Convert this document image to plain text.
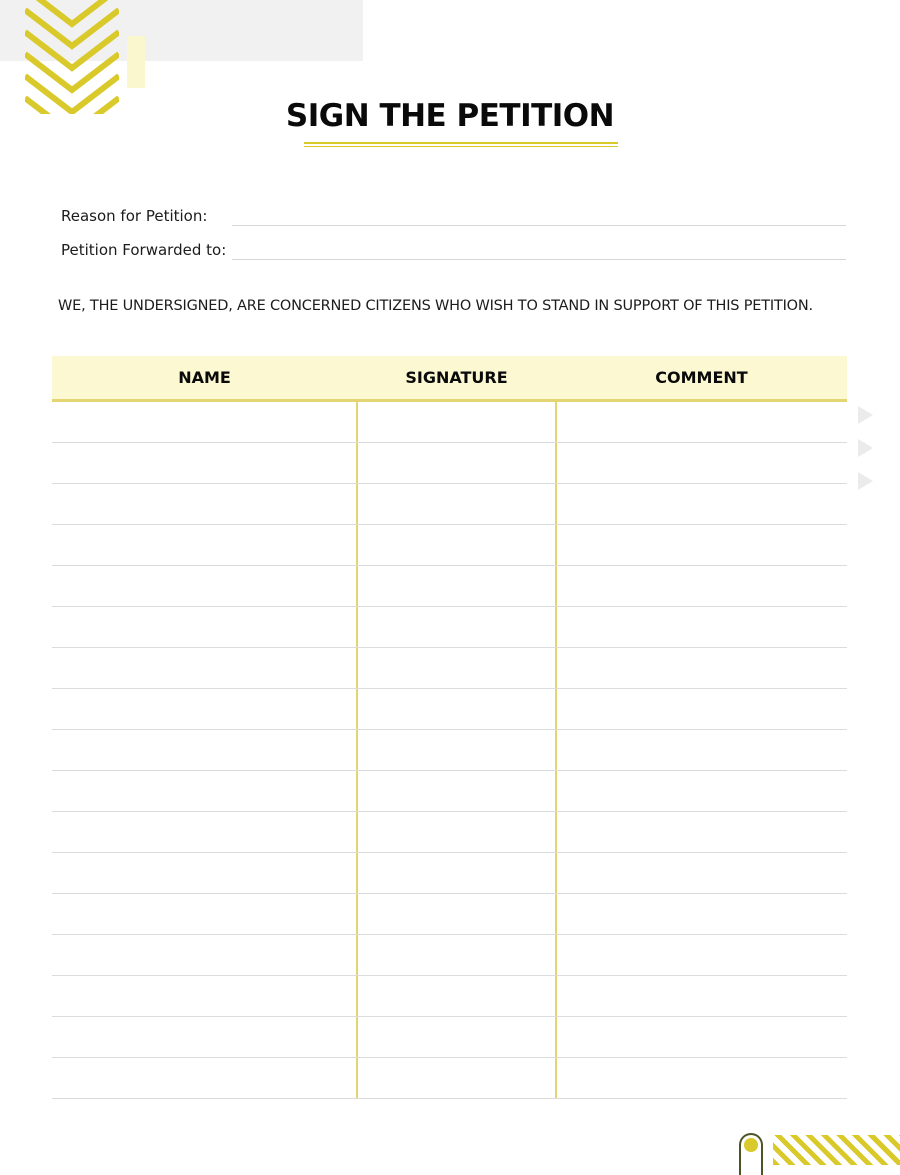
SIGN THE PETITION
Reason for Petition:
Petition Forwarded to:
WE, THE UNDERSIGNED, ARE CONCERNED CITIZENS WHO WISH TO STAND IN SUPPORT OF THIS PETITION.
NAME	SIGNATURE	COMMENT
